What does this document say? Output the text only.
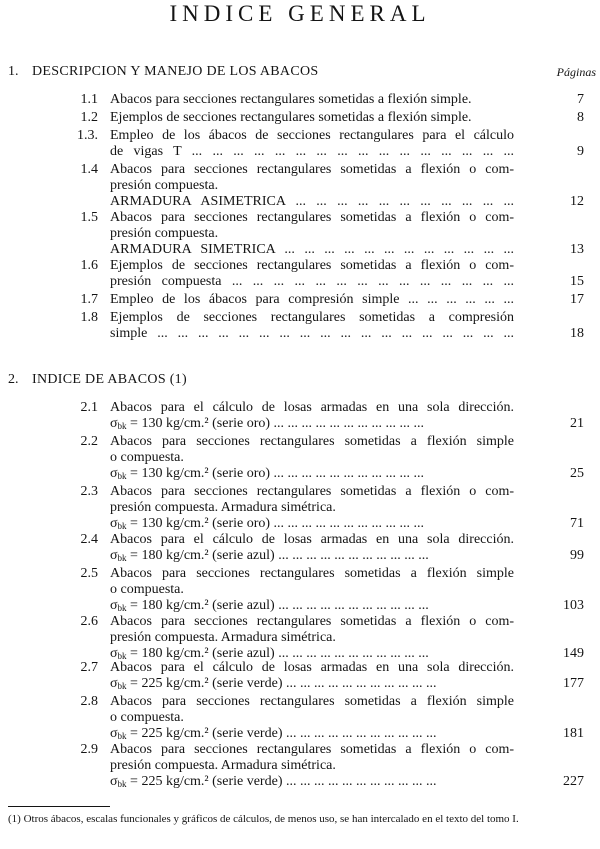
INDICE GENERAL
1. DESCRIPCION Y MANEJO DE LOS ABACOS	Páginas
1.1 Abacos para secciones rectangulares sometidas a flexión simple.	7
1.2 Ejemplos de secciones rectangulares sometidas a flexión simple.	8
1.3. Empleo de los ábacos de secciones rectangulares para el cálculo
de vigas T ... ... ... ... ... ... ... ... ... ... ... ... ... ... ... ...	9
1.4 Abacos para secciones rectangulares sometidas a flexión o com-
presión compuesta.
ARMADURA ASIMETRICA ... ... ... ... ... ... ... ... ... ... ...	12
1.5 Abacos para secciones rectangulares sometidas a flexión o com-
presión compuesta.
ARMADURA SIMETRICA ... ... ... ... ... ... ... ... ... ... ... ...	13
1.6 Ejemplos de secciones rectangulares sometidas a flexión o com-
presión compuesta ... ... ... ... ... ... ... ... ... ... ... ... ... ...	15
1.7 Empleo de los ábacos para compresión simple ... ... ... ... ... ...	17
1.8 Ejemplos de secciones rectangulares sometidas a compresión
simple ... ... ... ... ... ... ... ... ... ... ... ... ... ... ... ... ... ...	18
2. INDICE DE ABACOS (1)
2.1 Abacos para el cálculo de losas armadas en una sola dirección.
$\sigma_{bk} = 130$ kg/cm.² (serie oro) ... ... ... ... ... ... ... ... ... ... ...	21
2.2 Abacos para secciones rectangulares sometidas a flexión simple
o compuesta.
$\sigma_{bk} = 130$ kg/cm.² (serie oro) ... ... ... ... ... ... ... ... ... ... ...	25
2.3 Abacos para secciones rectangulares sometidas a flexión o com-
presión compuesta. Armadura simétrica.
$\sigma_{bk} = 130$ kg/cm.² (serie oro) ... ... ... ... ... ... ... ... ... ... ...	71
2.4 Abacos para el cálculo de losas armadas en una sola dirección.
$\sigma_{bk} = 180$ kg/cm.² (serie azul) ... ... ... ... ... ... ... ... ... ... ...	99
2.5 Abacos para secciones rectangulares sometidas a flexión simple
o compuesta.
$\sigma_{bk} = 180$ kg/cm.² (serie azul) ... ... ... ... ... ... ... ... ... ... ...	103
2.6 Abacos para secciones rectangulares sometidas a flexión o com-
presión compuesta. Armadura simétrica.
$\sigma_{bk} = 180$ kg/cm.² (serie azul) ... ... ... ... ... ... ... ... ... ... ...	149
2.7 Abacos para el cálculo de losas armadas en una sola dirección.
$\sigma_{bk} = 225$ kg/cm.² (serie verde) ... ... ... ... ... ... ... ... ... ... ...	177
2.8 Abacos para secciones rectangulares sometidas a flexión simple
o compuesta.
$\sigma_{bk} = 225$ kg/cm.² (serie verde) ... ... ... ... ... ... ... ... ... ... ...	181
2.9 Abacos para secciones rectangulares sometidas a flexión o com-
presión compuesta. Armadura simétrica.
$\sigma_{bk} = 225$ kg/cm.² (serie verde) ... ... ... ... ... ... ... ... ... ... ...	227
(1) Otros ábacos, escalas funcionales y gráficos de cálculos, de menos uso, se han intercalado en el texto del tomo I.
